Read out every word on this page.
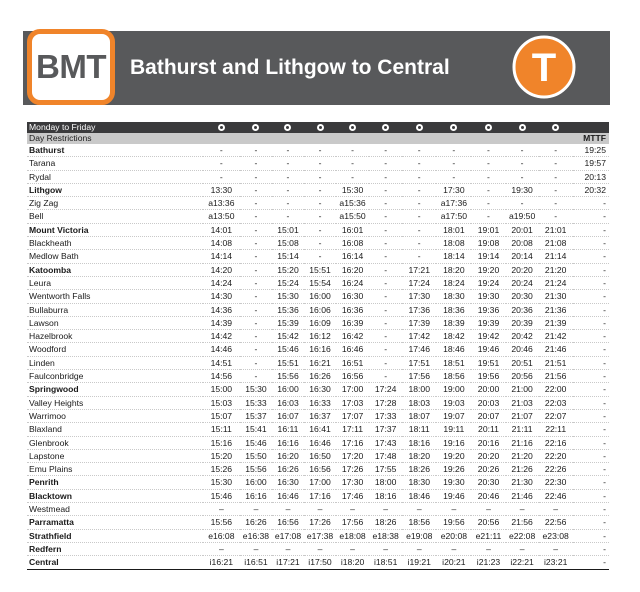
BMT Bathurst and Lithgow to Central T
Monday to Friday												
Day Restrictions												MTTF
Bathurst	-	-	-	-	-	-	-	-	-	-	-	19:25
Tarana	-	-	-	-	-	-	-	-	-	-	-	19:57
Rydal	-	-	-	-	-	-	-	-	-	-	-	20:13
Lithgow	13:30	-	-	-	15:30	-	-	17:30	-	19:30	-	20:32
Zig Zag	a13:36	-	-	-	a15:36	-	-	a17:36	-	-	-	-
Bell	a13:50	-	-	-	a15:50	-	-	a17:50	-	a19:50	-	-
Mount Victoria	14:01	-	15:01	-	16:01	-	-	18:01	19:01	20:01	21:01	-
Blackheath	14:08	-	15:08	-	16:08	-	-	18:08	19:08	20:08	21:08	-
Medlow Bath	14:14	-	15:14	-	16:14	-	-	18:14	19:14	20:14	21:14	-
Katoomba	14:20	-	15:20	15:51	16:20	-	17:21	18:20	19:20	20:20	21:20	-
Leura	14:24	-	15:24	15:54	16:24	-	17:24	18:24	19:24	20:24	21:24	-
Wentworth Falls	14:30	-	15:30	16:00	16:30	-	17:30	18:30	19:30	20:30	21:30	-
Bullaburra	14:36	-	15:36	16:06	16:36	-	17:36	18:36	19:36	20:36	21:36	-
Lawson	14:39	-	15:39	16:09	16:39	-	17:39	18:39	19:39	20:39	21:39	-
Hazelbrook	14:42	-	15:42	16:12	16:42	-	17:42	18:42	19:42	20:42	21:42	-
Woodford	14:46	-	15:46	16:16	16:46	-	17:46	18:46	19:46	20:46	21:46	-
Linden	14:51	-	15:51	16:21	16:51	-	17:51	18:51	19:51	20:51	21:51	-
Faulconbridge	14:56	-	15:56	16:26	16:56	-	17:56	18:56	19:56	20:56	21:56	-
Springwood	15:00	15:30	16:00	16:30	17:00	17:24	18:00	19:00	20:00	21:00	22:00	-
Valley Heights	15:03	15:33	16:03	16:33	17:03	17:28	18:03	19:03	20:03	21:03	22:03	-
Warrimoo	15:07	15:37	16:07	16:37	17:07	17:33	18:07	19:07	20:07	21:07	22:07	-
Blaxland	15:11	15:41	16:11	16:41	17:11	17:37	18:11	19:11	20:11	21:11	22:11	-
Glenbrook	15:16	15:46	16:16	16:46	17:16	17:43	18:16	19:16	20:16	21:16	22:16	-
Lapstone	15:20	15:50	16:20	16:50	17:20	17:48	18:20	19:20	20:20	21:20	22:20	-
Emu Plains	15:26	15:56	16:26	16:56	17:26	17:55	18:26	19:26	20:26	21:26	22:26	-
Penrith	15:30	16:00	16:30	17:00	17:30	18:00	18:30	19:30	20:30	21:30	22:30	-
Blacktown	15:46	16:16	16:46	17:16	17:46	18:16	18:46	19:46	20:46	21:46	22:46	-
Westmead	–	–	–	–	–	–	–	–	–	–	–	-
Parramatta	15:56	16:26	16:56	17:26	17:56	18:26	18:56	19:56	20:56	21:56	22:56	-
Strathfield	e16:08	e16:38	e17:08	e17:38	e18:08	e18:38	e19:08	e20:08	e21:11	e22:08	e23:08	-
Redfern	–	–	–	–	–	–	–	–	–	–	–	-
Central	i16:21	i16:51	i17:21	i17:50	i18:20	i18:51	i19:21	i20:21	i21:23	i22:21	i23:21	-
